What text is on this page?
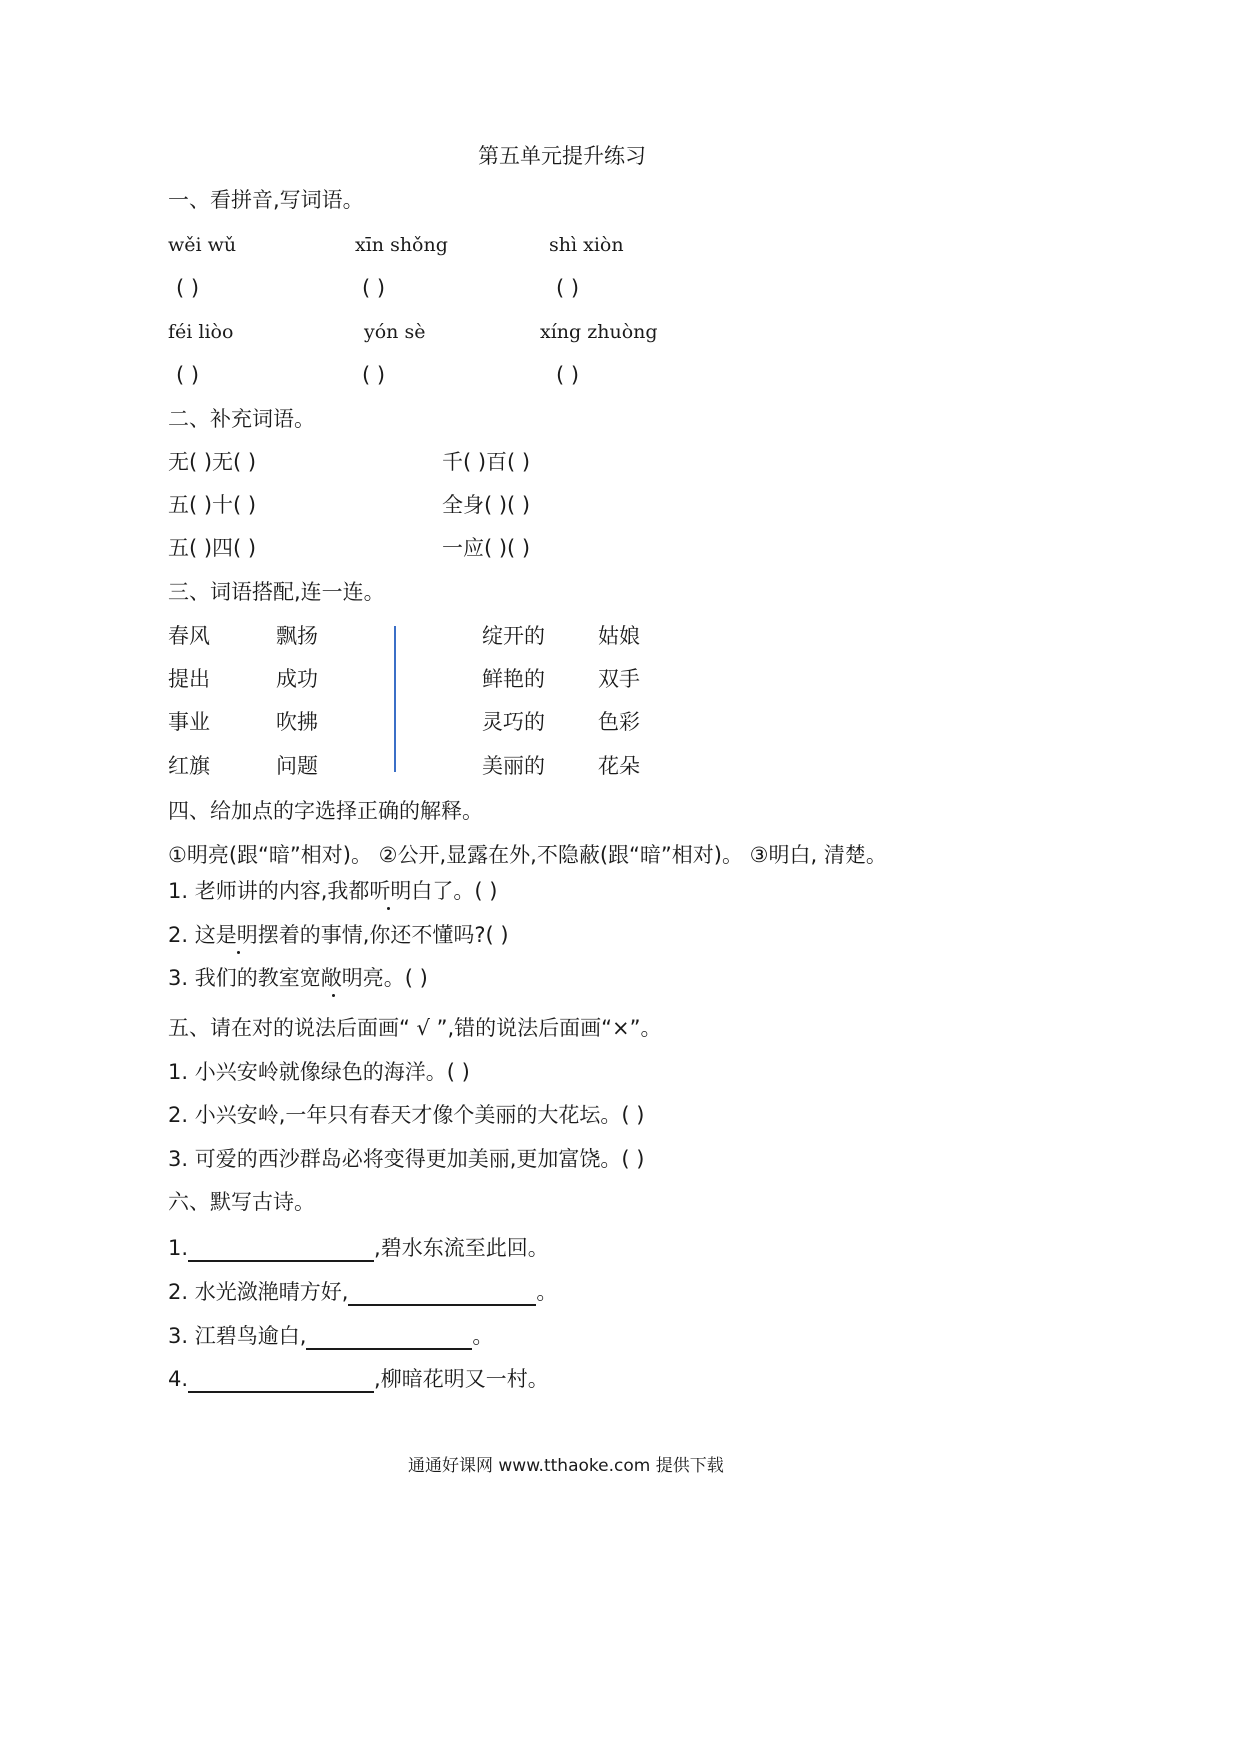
第五单元提升练习
一、看拼音,写词语。
wěi wǔ	xīn shǒng	shì xiòn
( )	( )	( )
féi liòo	yón sè	xíng zhuòng
( )	( )	( )
二、补充词语。
无( )无( )	千( )百( )
五( )十( )	全身( )( )
五( )四( )	一应( )( )
三、词语搭配,连一连。
春风	飘扬	绽开的	姑娘
提出	成功	鲜艳的	双手
事业	吹拂	灵巧的	色彩
红旗	问题	美丽的	花朵
四、给加点的字选择正确的解释。
①明亮(跟“暗”相对)。 ②公开,显露在外,不隐蔽(跟“暗”相对)。 ③明白, 清楚。
1. 老师讲的内容,我都听明白了。( )
2. 这是明摆着的事情,你还不懂吗?( )
3. 我们的教室宽敞明亮。( )
五、请在对的说法后面画“ √ ”,错的说法后面画“×”。
1. 小兴安岭就像绿色的海洋。( )
2. 小兴安岭,一年只有春天才像个美丽的大花坛。( )
3. 可爱的西沙群岛必将变得更加美丽,更加富饶。( )
六、默写古诗。
1.	,碧水东流至此回。
2. 水光潋滟晴方好,	。
3. 江碧鸟逾白,	。
4.	,柳暗花明又一村。
通通好课网 www.tthaoke.com 提供下载
